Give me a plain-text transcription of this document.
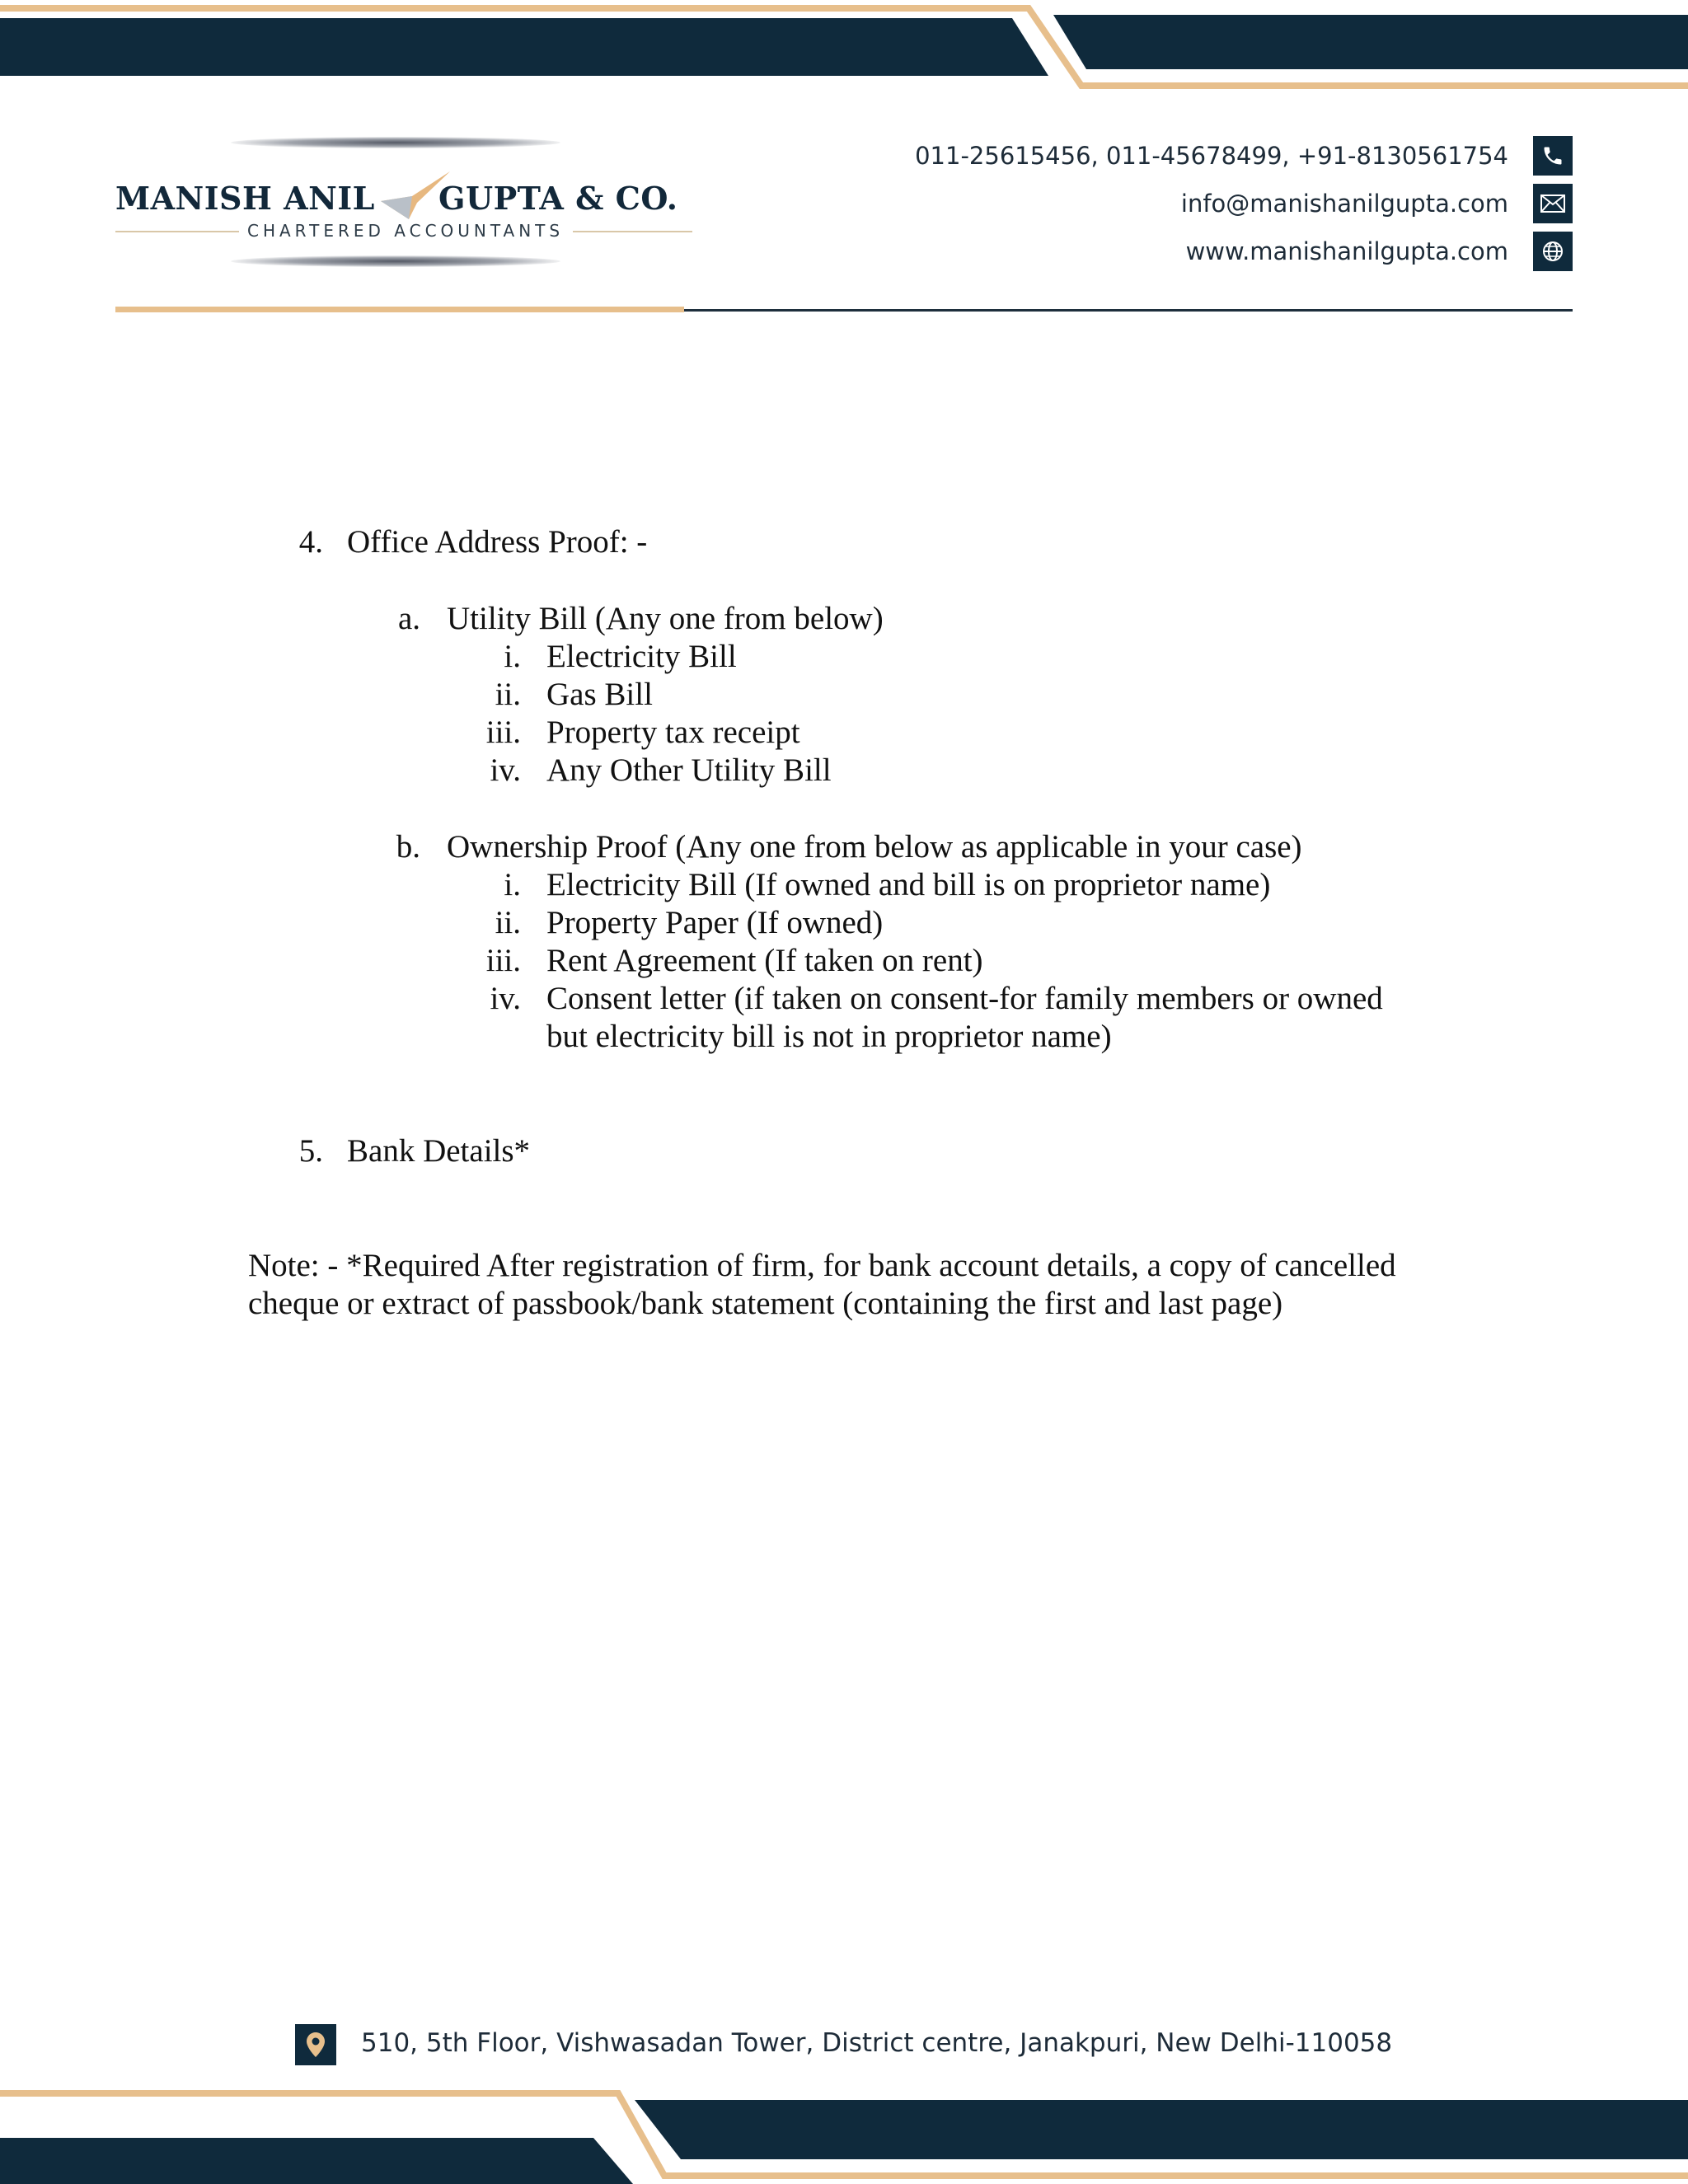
MANISH ANIL GUPTA & CO.
CHARTERED ACCOUNTANTS
011-25615456, 011-45678499, +91-8130561754
info@manishanilgupta.com
www.manishanilgupta.com
4. Office Address Proof: -
a. Utility Bill (Any one from below)
i. Electricity Bill
ii. Gas Bill
iii. Property tax receipt
iv. Any Other Utility Bill
b. Ownership Proof (Any one from below as applicable in your case)
i. Electricity Bill (If owned and bill is on proprietor name)
ii. Property Paper (If owned)
iii. Rent Agreement (If taken on rent)
iv. Consent letter (if taken on consent-for family members or owned
but electricity bill is not in proprietor name)
5. Bank Details*
Note: - *Required After registration of firm, for bank account details, a copy of cancelled
cheque or extract of passbook/bank statement (containing the first and last page)
510, 5th Floor, Vishwasadan Tower, District centre, Janakpuri, New Delhi-110058
